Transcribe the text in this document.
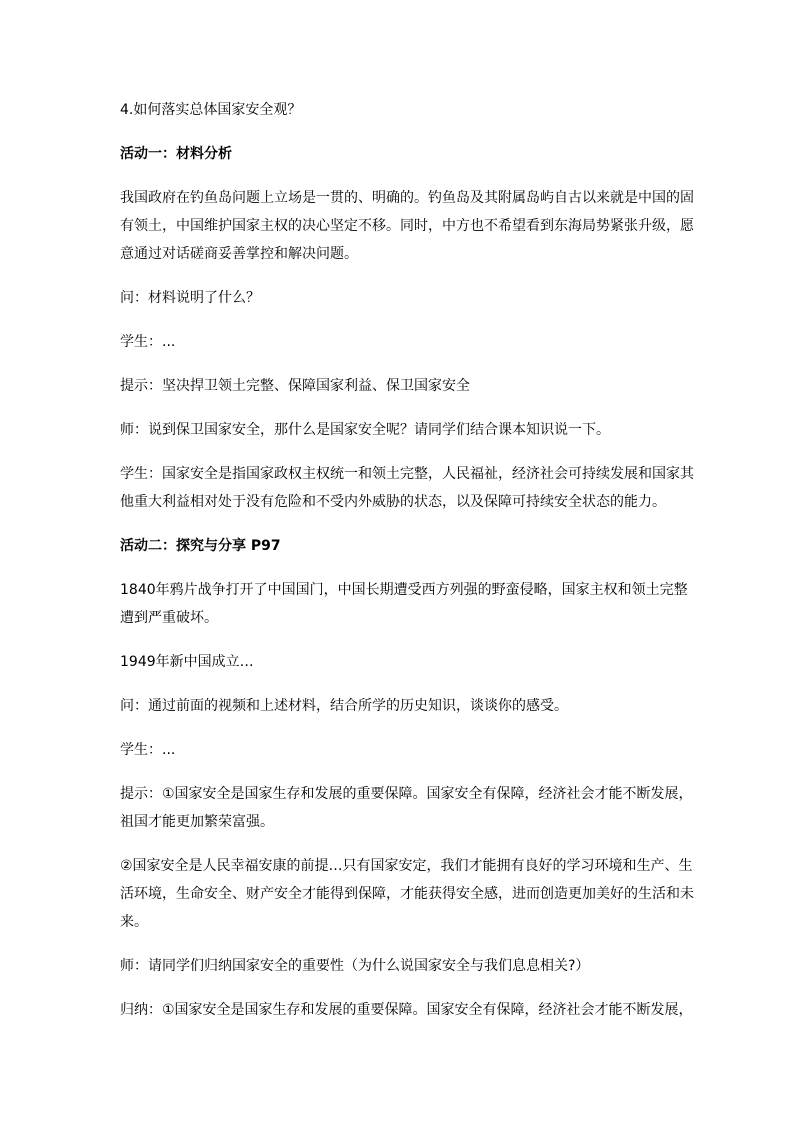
4.如何落实总体国家安全观？

活动一：材料分析

我国政府在钓鱼岛问题上立场是一贯的、明确的。钓鱼岛及其附属岛屿自古以来就是中国的固有领土，中国维护国家主权的决心坚定不移。同时，中方也不希望看到东海局势紧张升级，愿意通过对话磋商妥善掌控和解决问题。

问：材料说明了什么？

学生：...

提示：坚决捍卫领土完整、保障国家利益、保卫国家安全

师：说到保卫国家安全，那什么是国家安全呢？请同学们结合课本知识说一下。

学生：国家安全是指国家政权主权统一和领土完整，人民福祉，经济社会可持续发展和国家其他重大利益相对处于没有危险和不受内外威胁的状态，以及保障可持续安全状态的能力。

活动二：探究与分享 P97

1840年鸦片战争打开了中国国门，中国长期遭受西方列强的野蛮侵略，国家主权和领土完整遭到严重破坏。

1949年新中国成立…

问：通过前面的视频和上述材料，结合所学的历史知识，谈谈你的感受。

学生：...

提示：①国家安全是国家生存和发展的重要保障。国家安全有保障，经济社会才能不断发展，祖国才能更加繁荣富强。

②国家安全是人民幸福安康的前提…只有国家安定，我们才能拥有良好的学习环境和生产、生活环境，生命安全、财产安全才能得到保障，才能获得安全感，进而创造更加美好的生活和未来。

师：请同学们归纳国家安全的重要性（为什么说国家安全与我们息息相关?）

归纳：①国家安全是国家生存和发展的重要保障。国家安全有保障，经济社会才能不断发展，
